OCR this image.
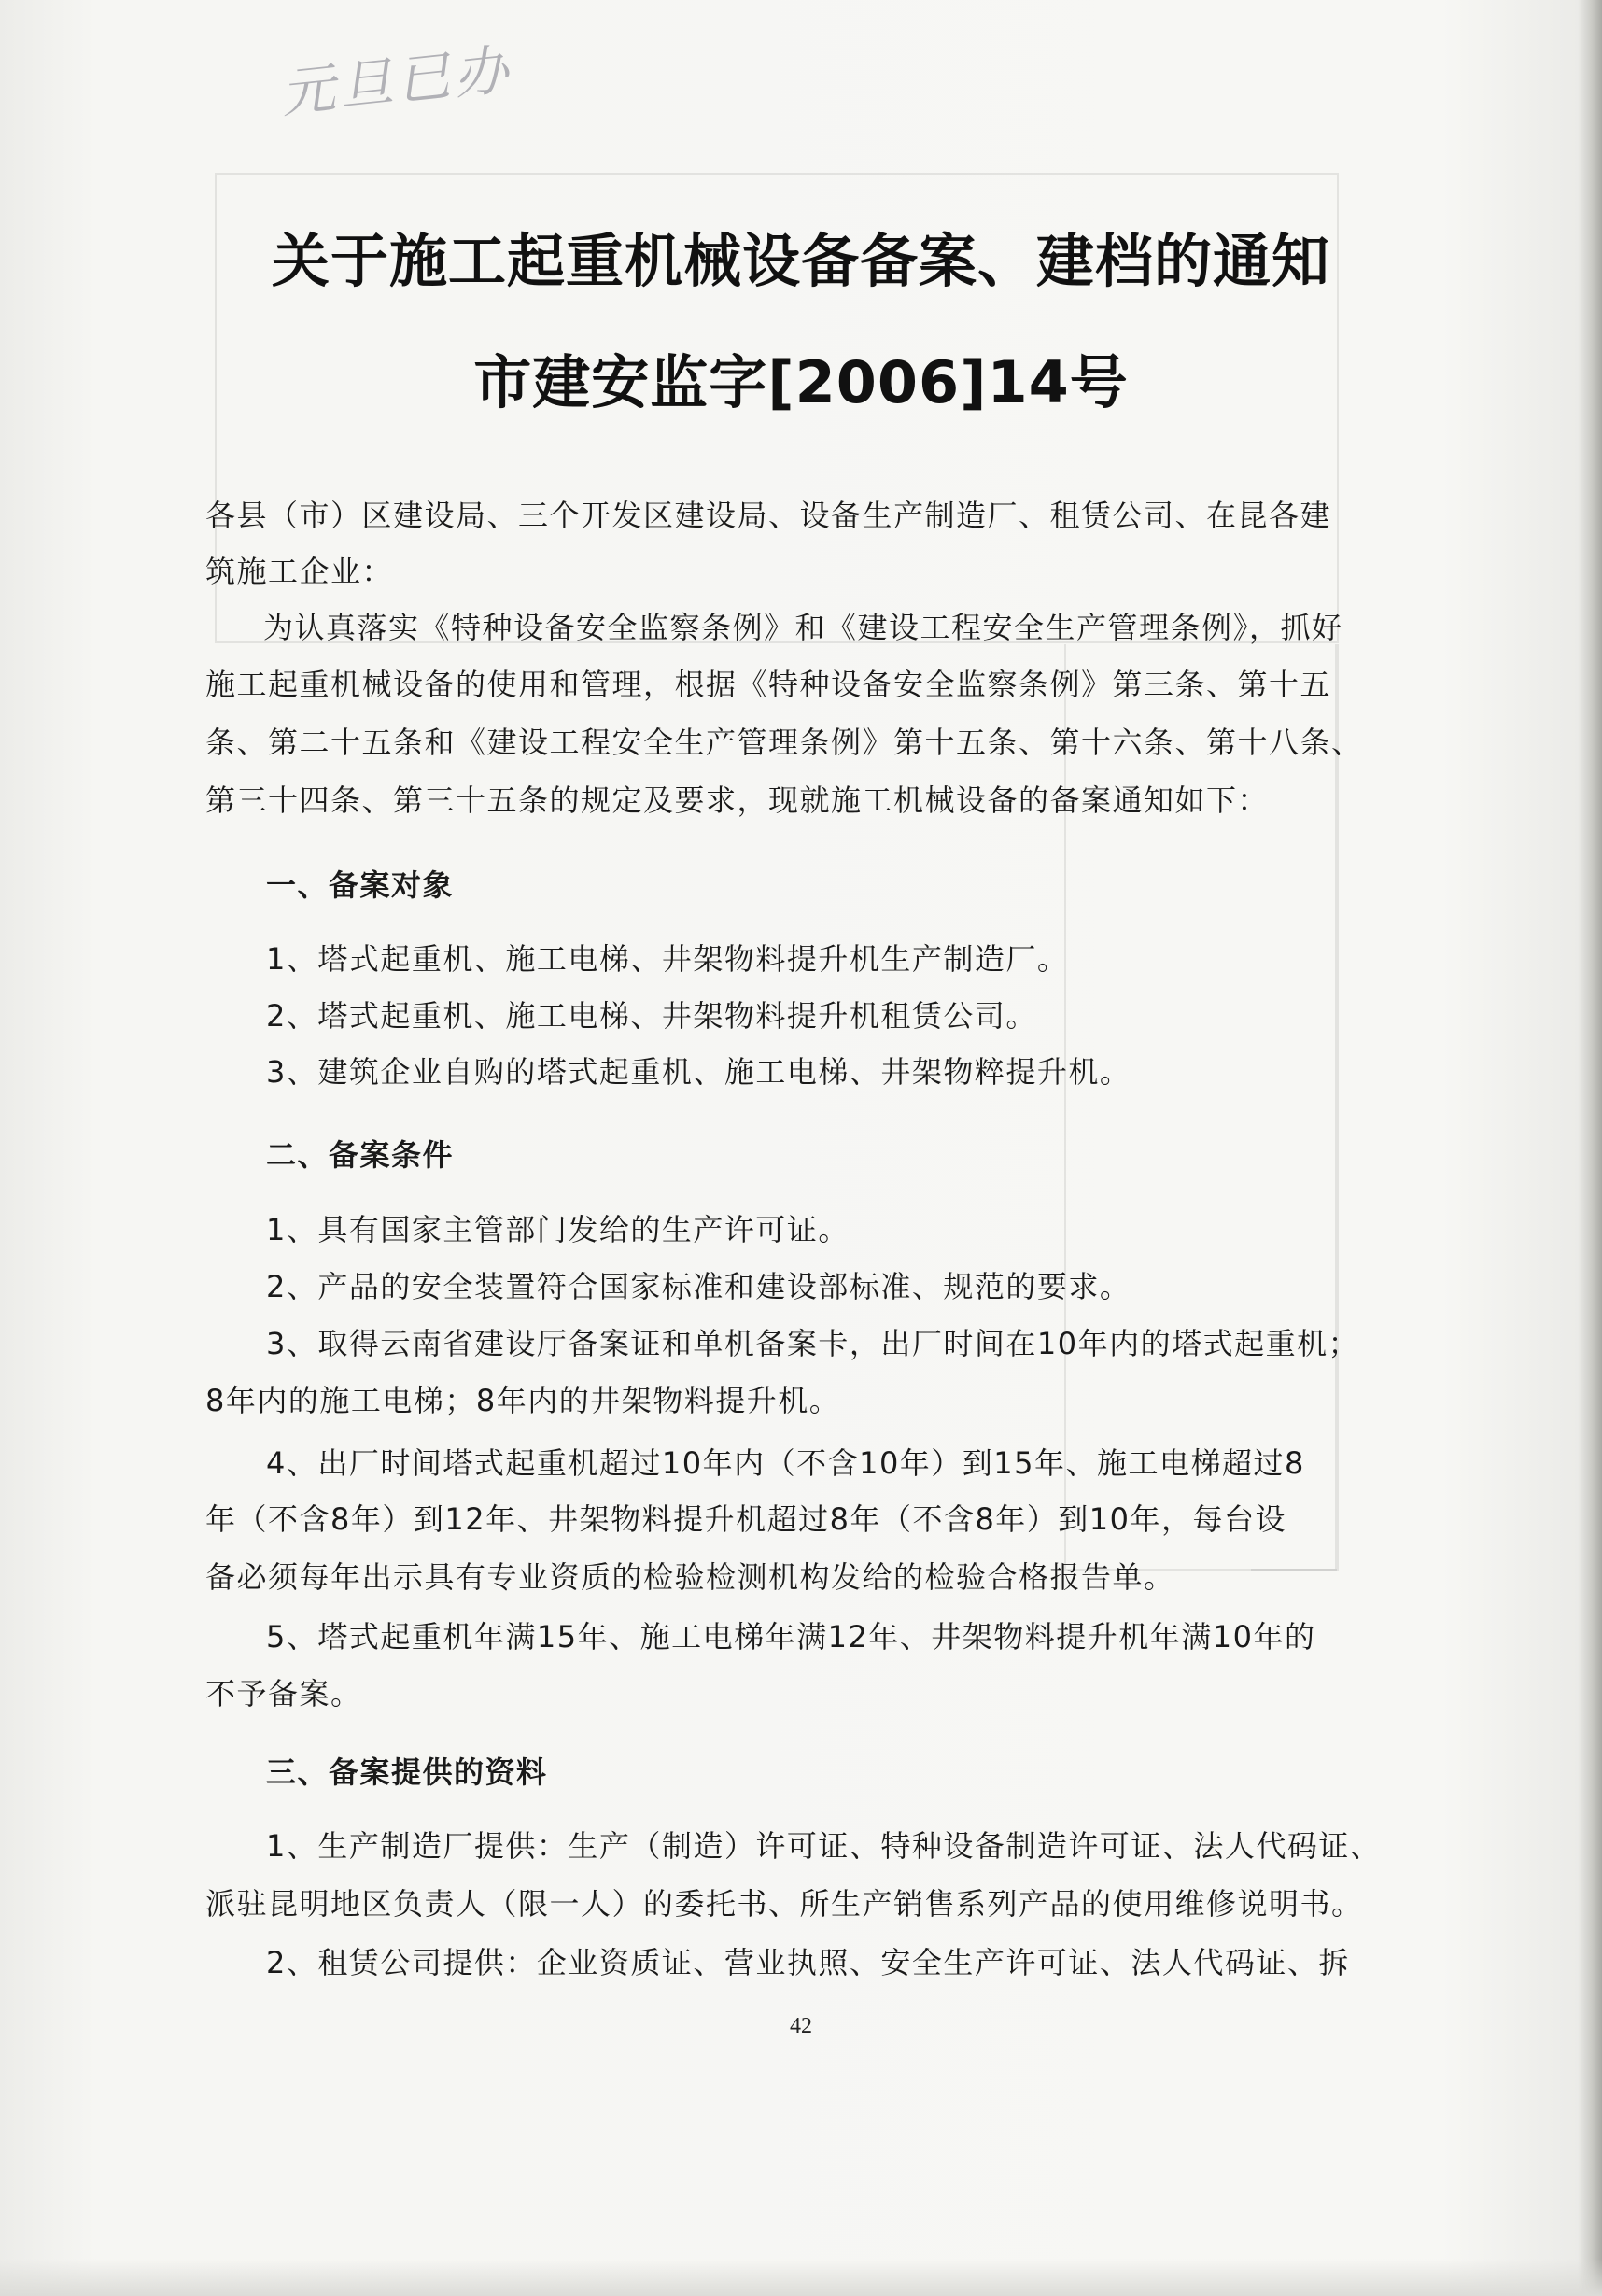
元旦已办
关于施工起重机械设备备案、建档的通知
市建安监字[2006]14号
各县（市）区建设局、三个开发区建设局、设备生产制造厂、租赁公司、在昆各建
筑施工企业：
为认真落实《特种设备安全监察条例》和《建设工程安全生产管理条例》，抓好
施工起重机械设备的使用和管理，根据《特种设备安全监察条例》第三条、第十五
条、第二十五条和《建设工程安全生产管理条例》第十五条、第十六条、第十八条、
第三十四条、第三十五条的规定及要求，现就施工机械设备的备案通知如下：
一、备案对象
1、塔式起重机、施工电梯、井架物料提升机生产制造厂。
2、塔式起重机、施工电梯、井架物料提升机租赁公司。
3、建筑企业自购的塔式起重机、施工电梯、井架物粹提升机。
二、备案条件
1、具有国家主管部门发给的生产许可证。
2、产品的安全装置符合国家标准和建设部标准、规范的要求。
3、取得云南省建设厅备案证和单机备案卡，出厂时间在10年内的塔式起重机；
8年内的施工电梯；8年内的井架物料提升机。
4、出厂时间塔式起重机超过10年内（不含10年）到15年、施工电梯超过8
年（不含8年）到12年、井架物料提升机超过8年（不含8年）到10年，每台设
备必须每年出示具有专业资质的检验检测机构发给的检验合格报告单。
5、塔式起重机年满15年、施工电梯年满12年、井架物料提升机年满10年的
不予备案。
三、备案提供的资料
1、生产制造厂提供：生产（制造）许可证、特种设备制造许可证、法人代码证、
派驻昆明地区负责人（限一人）的委托书、所生产销售系列产品的使用维修说明书。
2、租赁公司提供：企业资质证、营业执照、安全生产许可证、法人代码证、拆
42
